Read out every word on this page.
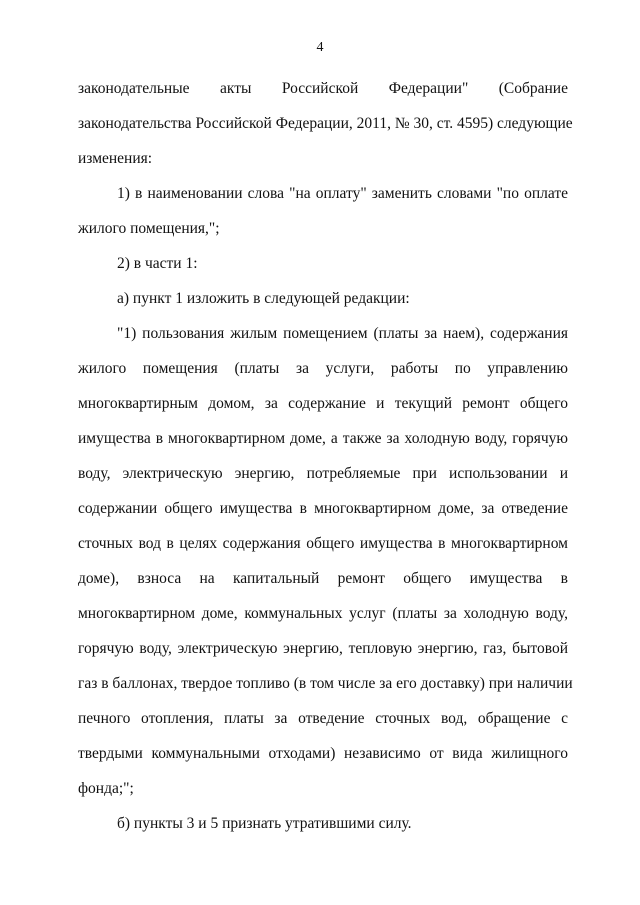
4
законодательные акты Российской Федерации" (Собрание
законодательства Российской Федерации, 2011, № 30, ст. 4595) следующие
изменения:
1) в наименовании слова "на оплату" заменить словами "по оплате
жилого помещения,";
2) в части 1:
а) пункт 1 изложить в следующей редакции:
"1) пользования жилым помещением (платы за наем), содержания
жилого помещения (платы за услуги, работы по управлению
многоквартирным домом, за содержание и текущий ремонт общего
имущества в многоквартирном доме, а также за холодную воду, горячую
воду, электрическую энергию, потребляемые при использовании и
содержании общего имущества в многоквартирном доме, за отведение
сточных вод в целях содержания общего имущества в многоквартирном
доме), взноса на капитальный ремонт общего имущества в
многоквартирном доме, коммунальных услуг (платы за холодную воду,
горячую воду, электрическую энергию, тепловую энергию, газ, бытовой
газ в баллонах, твердое топливо (в том числе за его доставку) при наличии
печного отопления, платы за отведение сточных вод, обращение с
твердыми коммунальными отходами) независимо от вида жилищного
фонда;";
б) пункты 3 и 5 признать утратившими силу.
